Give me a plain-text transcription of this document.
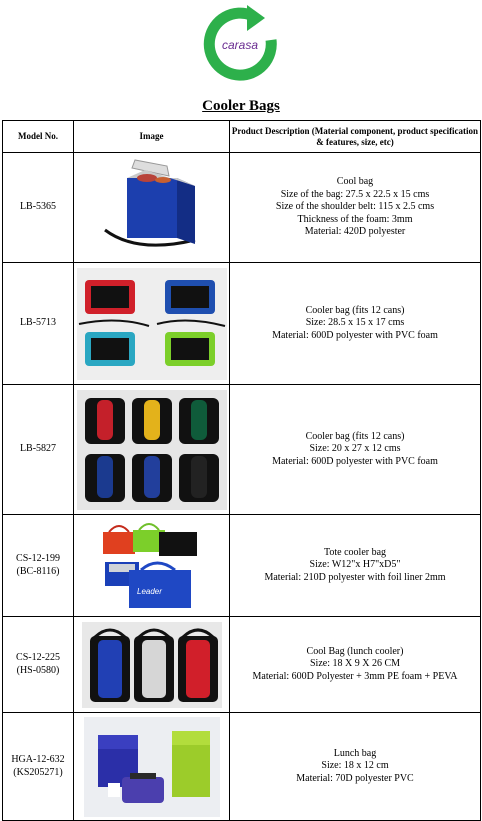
carasa
Cooler Bags
Model No.	Image	Product Description (Material component, product specification & features, size, etc)

LB-5365		Cool bag
Size of the bag: 27.5 x 22.5 x 15 cms
Size of the shoulder belt: 115 x 2.5 cms
Thickness of the foam: 3mm
Material: 420D polyester

LB-5713		Cooler bag (fits 12 cans)
Size: 28.5 x 15 x 17 cms
Material: 600D polyester with PVC foam

LB-5827		Cooler bag (fits 12 cans)
Size: 20 x 27 x 12 cms
Material: 600D polyester with PVC foam

CS-12-199
(BC-8116)	Leader	Tote cooler bag
Size: W12"x H7"xD5"
Material: 210D polyester with foil liner 2mm

CS-12-225
(HS-0580)		Cool Bag (lunch cooler)
Size: 18 X 9 X 26 CM
Material: 600D Polyester + 3mm PE foam + PEVA

HGA-12-632
(KS205271)		Lunch bag
Size: 18 x 12 cm
Material: 70D polyester PVC
